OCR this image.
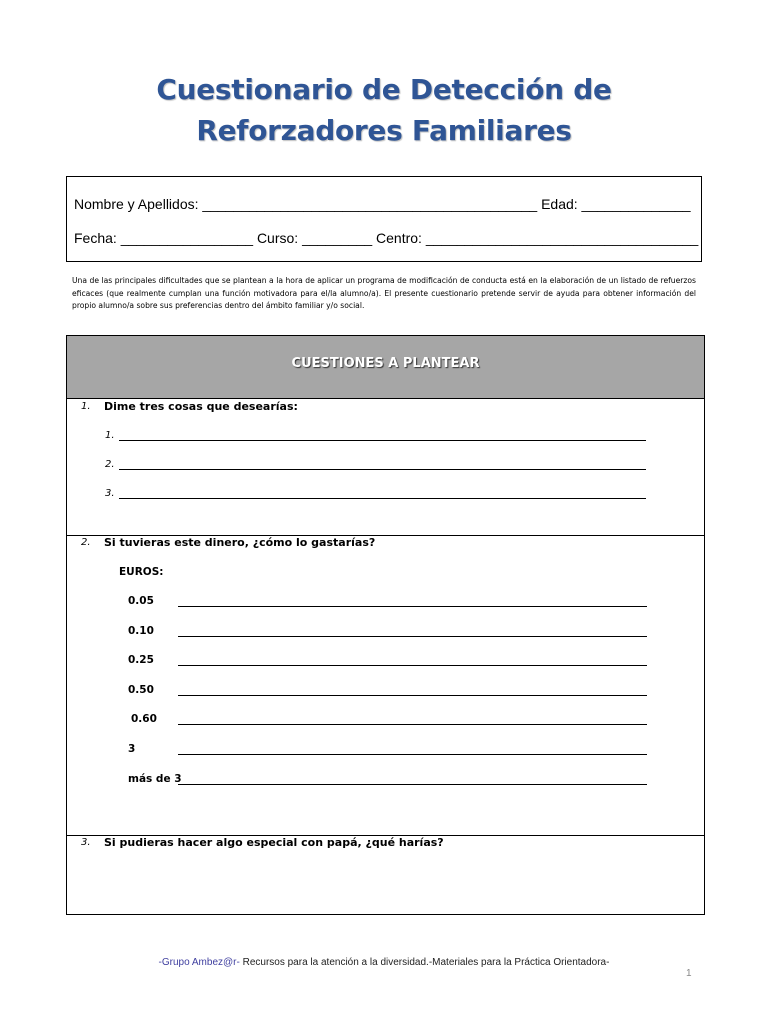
Cuestionario de Detección de
Reforzadores Familiares
Nombre y Apellidos: ___________________________________________ Edad: ______________
Fecha: _________________ Curso: _________ Centro: ___________________________________
Una de las principales dificultades que se plantean a la hora de aplicar un programa de modificación de conducta está en la elaboración de un listado de refuerzos eficaces (que realmente cumplan una función motivadora para el/la alumno/a). El presente cuestionario pretende servir de ayuda para obtener información del propio alumno/a sobre sus preferencias dentro del ámbito familiar y/o social.
CUESTIONES A PLANTEAR
1. Dime tres cosas que desearías:
1.
2.
3.
2. Si tuvieras este dinero, ¿cómo lo gastarías?
EUROS:
0.05
0.10
0.25
0.50
0.60
3
más de 3
3. Si pudieras hacer algo especial con papá, ¿qué harías?
-Grupo Ambez@r- Recursos para la atención a la diversidad.-Materiales para la Práctica Orientadora-
1
